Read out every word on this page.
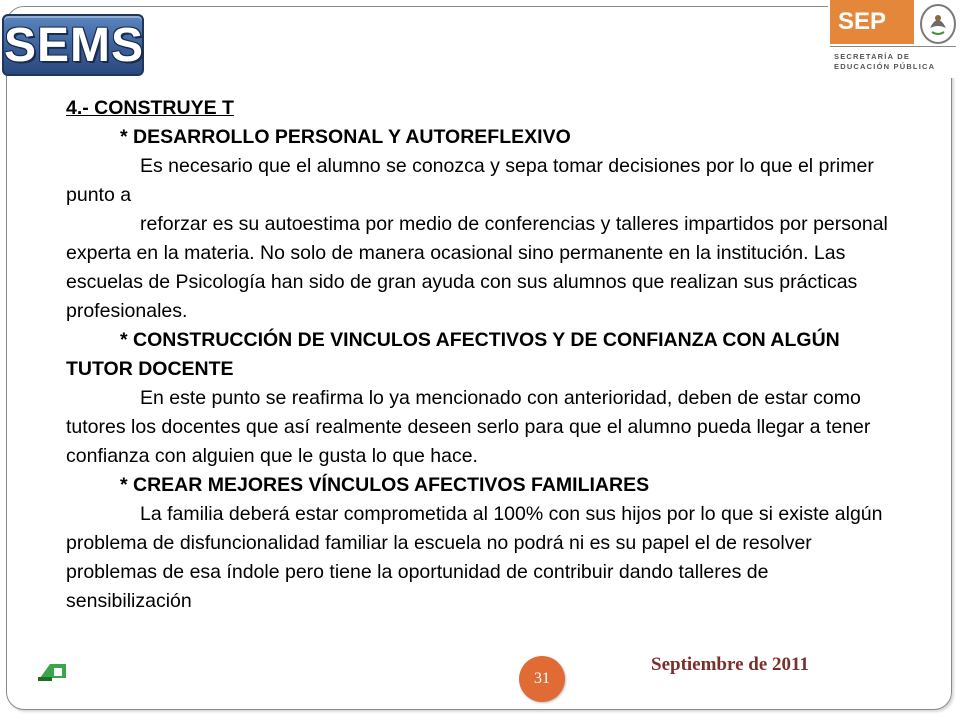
SEMS	SEP
SECRETARÍA DE
EDUCACIÓN PÚBLICA

4.- CONSTRUYE T

* DESARROLLO PERSONAL Y AUTOREFLEXIVO

Es necesario que el alumno se conozca y sepa tomar decisiones por lo que el primer punto a

reforzar es su autoestima por medio de conferencias y talleres impartidos por personal experta en la materia. No solo de manera ocasional sino permanente en la institución. Las escuelas de Psicología han sido de gran ayuda con sus alumnos que realizan sus prácticas profesionales.

* CONSTRUCCIÓN DE VINCULOS AFECTIVOS Y DE CONFIANZA CON ALGÚN TUTOR DOCENTE

En este punto se reafirma lo ya mencionado con anterioridad, deben de estar como tutores los docentes que así realmente deseen serlo para que el alumno pueda llegar a tener confianza con alguien que le gusta lo que hace.

* CREAR MEJORES VÍNCULOS AFECTIVOS FAMILIARES

La familia deberá estar comprometida al 100% con sus hijos por lo que si existe algún problema de disfuncionalidad familiar la escuela no podrá ni es su papel el de resolver problemas de esa índole pero tiene la oportunidad de contribuir dando talleres de sensibilización

31
Septiembre de 2011
